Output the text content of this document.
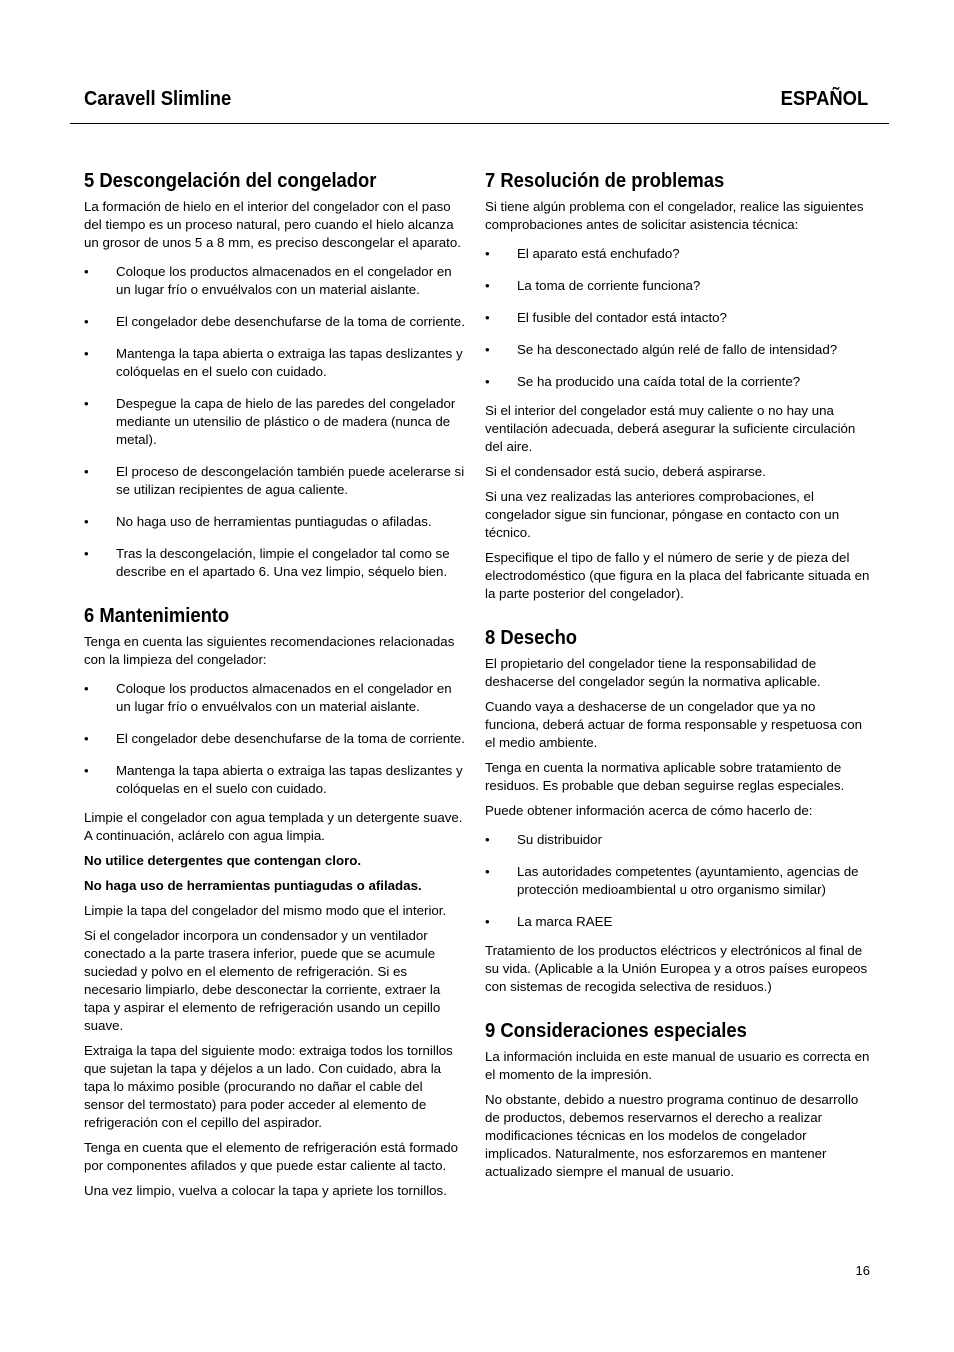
Caravell Slimline	ESPAÑOL
5 Descongelación del congelador

La formación de hielo en el interior del congelador con el paso del tiempo es un proceso natural, pero cuando el hielo alcanza un grosor de unos 5 a 8 mm, es preciso descongelar el aparato.

• Coloque los productos almacenados en el congelador en un lugar frío o envuélvalos con un material aislante.
• El congelador debe desenchufarse de la toma de corriente.
• Mantenga la tapa abierta o extraiga las tapas deslizantes y colóquelas en el suelo con cuidado.
• Despegue la capa de hielo de las paredes del congelador mediante un utensilio de plástico o de madera (nunca de metal).
• El proceso de descongelación también puede acelerarse si se utilizan recipientes de agua caliente.
• No haga uso de herramientas puntiagudas o afiladas.
• Tras la descongelación, limpie el congelador tal como se describe en el apartado 6. Una vez limpio, séquelo bien.
6 Mantenimiento

Tenga en cuenta las siguientes recomendaciones relacionadas con la limpieza del congelador:

• Coloque los productos almacenados en el congelador en un lugar frío o envuélvalos con un material aislante.
• El congelador debe desenchufarse de la toma de corriente.
• Mantenga la tapa abierta o extraiga las tapas deslizantes y colóquelas en el suelo con cuidado.

Limpie el congelador con agua templada y un detergente suave. A continuación, aclárelo con agua limpia.

No utilice detergentes que contengan cloro.

No haga uso de herramientas puntiagudas o afiladas.

Limpie la tapa del congelador del mismo modo que el interior.

Si el congelador incorpora un condensador y un ventilador conectado a la parte trasera inferior, puede que se acumule suciedad y polvo en el elemento de refrigeración. Si es necesario limpiarlo, debe desconectar la corriente, extraer la tapa y aspirar el elemento de refrigeración usando un cepillo suave.

Extraiga la tapa del siguiente modo: extraiga todos los tornillos que sujetan la tapa y déjelos a un lado. Con cuidado, abra la tapa lo máximo posible (procurando no dañar el cable del sensor del termostato) para poder acceder al elemento de refrigeración con el cepillo del aspirador.

Tenga en cuenta que el elemento de refrigeración está formado por componentes afilados y que puede estar caliente al tacto.

Una vez limpio, vuelva a colocar la tapa y apriete los tornillos.

7 Resolución de problemas

Si tiene algún problema con el congelador, realice las siguientes comprobaciones antes de solicitar asistencia técnica:

• El aparato está enchufado?
• La toma de corriente funciona?
• El fusible del contador está intacto?
• Se ha desconectado algún relé de fallo de intensidad?
• Se ha producido una caída total de la corriente?

Si el interior del congelador está muy caliente o no hay una ventilación adecuada, deberá asegurar la suficiente circulación del aire.

Si el condensador está sucio, deberá aspirarse.

Si una vez realizadas las anteriores comprobaciones, el congelador sigue sin funcionar, póngase en contacto con un técnico.

Especifique el tipo de fallo y el número de serie y de pieza del electrodoméstico (que figura en la placa del fabricante situada en la parte posterior del congelador).

8 Desecho

El propietario del congelador tiene la responsabilidad de deshacerse del congelador según la normativa aplicable.

Cuando vaya a deshacerse de un congelador que ya no funciona, deberá actuar de forma responsable y respetuosa con el medio ambiente.

Tenga en cuenta la normativa aplicable sobre tratamiento de residuos. Es probable que deban seguirse reglas especiales.

Puede obtener información acerca de cómo hacerlo de:

• Su distribuidor
• Las autoridades competentes (ayuntamiento, agencias de protección medioambiental u otro organismo similar)
• La marca RAEE

Tratamiento de los productos eléctricos y electrónicos al final de su vida. (Aplicable a la Unión Europea y a otros países europeos con sistemas de recogida selectiva de residuos.)

9 Consideraciones especiales

La información incluida en este manual de usuario es correcta en el momento de la impresión.

No obstante, debido a nuestro programa continuo de desarrollo de productos, debemos reservarnos el derecho a realizar modificaciones técnicas en los modelos de congelador implicados. Naturalmente, nos esforzaremos en mantener actualizado siempre el manual de usuario.

16
